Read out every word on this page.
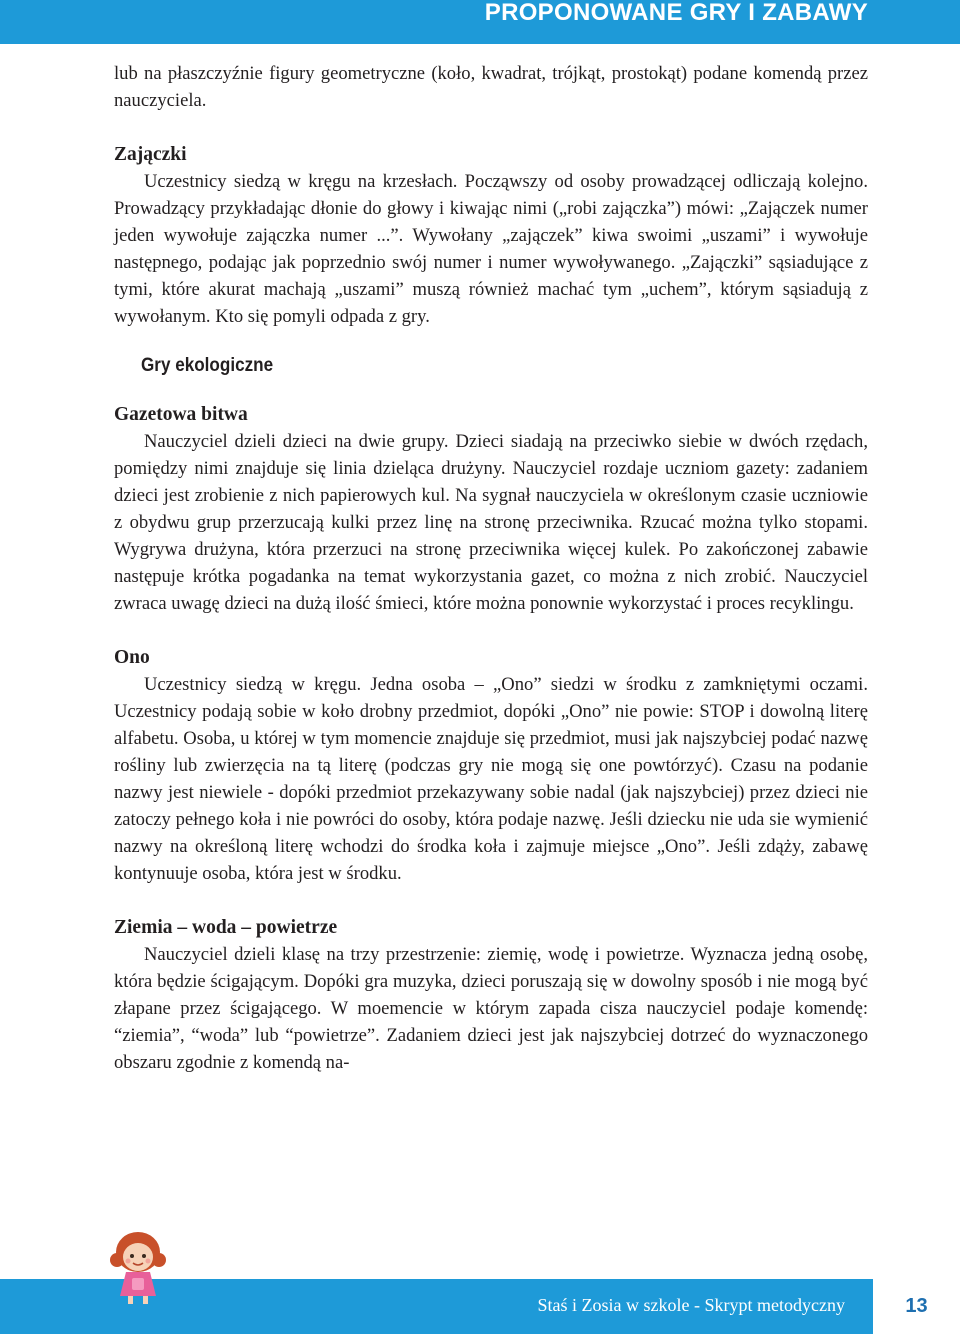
PROPONOWANE GRY I ZABAWY

lub na płaszczyźnie figury geometryczne (koło, kwadrat, trójkąt, prostokąt) podane komendą przez nauczyciela.

Zajączki

Uczestnicy siedzą w kręgu na krzesłach. Począwszy od osoby prowadzącej odliczają kolejno. Prowadzący przykładając dłonie do głowy i kiwając nimi („robi zajączka”) mówi: „Zajączek numer jeden wywołuje zajączka numer ...”. Wywołany „zajączek” kiwa swoimi „uszami” i wywołuje następnego, podając jak poprzednio swój numer i numer wywoływanego. „Zajączki” sąsiadujące z tymi, które akurat machają „uszami” muszą również machać tym „uchem”, którym sąsiadują z wywołanym. Kto się pomyli odpada z gry.

Gry ekologiczne
Gazetowa bitwa

Nauczyciel dzieli dzieci na dwie grupy. Dzieci siadają na przeciwko siebie w dwóch rzędach, pomiędzy nimi znajduje się linia dzieląca drużyny. Nauczyciel rozdaje uczniom gazety: zadaniem dzieci jest zrobienie z nich papierowych kul. Na sygnał nauczyciela w określonym czasie uczniowie z obydwu grup przerzucają kulki przez linę na stronę przeciwnika. Rzucać można tylko stopami. Wygrywa drużyna, która przerzuci na stronę przeciwnika więcej kulek. Po zakończonej zabawie następuje krótka pogadanka na temat wykorzystania gazet, co można z nich zrobić. Nauczyciel zwraca uwagę dzieci na dużą ilość śmieci, które można ponownie wykorzystać i proces recyklingu.

Ono

Uczestnicy siedzą w kręgu. Jedna osoba – „Ono” siedzi w środku z zamkniętymi oczami. Uczestnicy podają sobie w koło drobny przedmiot, dopóki „Ono” nie powie: STOP i dowolną literę alfabetu. Osoba, u której w tym momencie znajduje się przedmiot, musi jak najszybciej podać nazwę rośliny lub zwierzęcia na tą literę (podczas gry nie mogą się one powtórzyć). Czasu na podanie nazwy jest niewiele - dopóki przedmiot przekazywany sobie nadal (jak najszybciej) przez dzieci nie zatoczy pełnego koła i nie powróci do osoby, która podaje nazwę. Jeśli dziecku nie uda sie wymienić nazwy na określoną literę wchodzi do środka koła i zajmuje miejsce „Ono”. Jeśli zdąży, zabawę kontynuuje osoba, która jest w środku.

Ziemia – woda – powietrze

Nauczyciel dzieli klasę na trzy przestrzenie: ziemię, wodę i powietrze. Wyznacza jedną osobę, która będzie ścigającym. Dopóki gra muzyka, dzieci poruszają się w dowolny sposób i nie mogą być złapane przez ścigającego. W moemencie w którym zapada cisza nauczyciel podaje komendę: “ziemia”, “woda” lub “powietrze”. Zadaniem dzieci jest jak najszybciej dotrzeć do wyznaczonego obszaru zgodnie z komendą na-

Staś i Zosia w szkole - Skrypt metodyczny	13
